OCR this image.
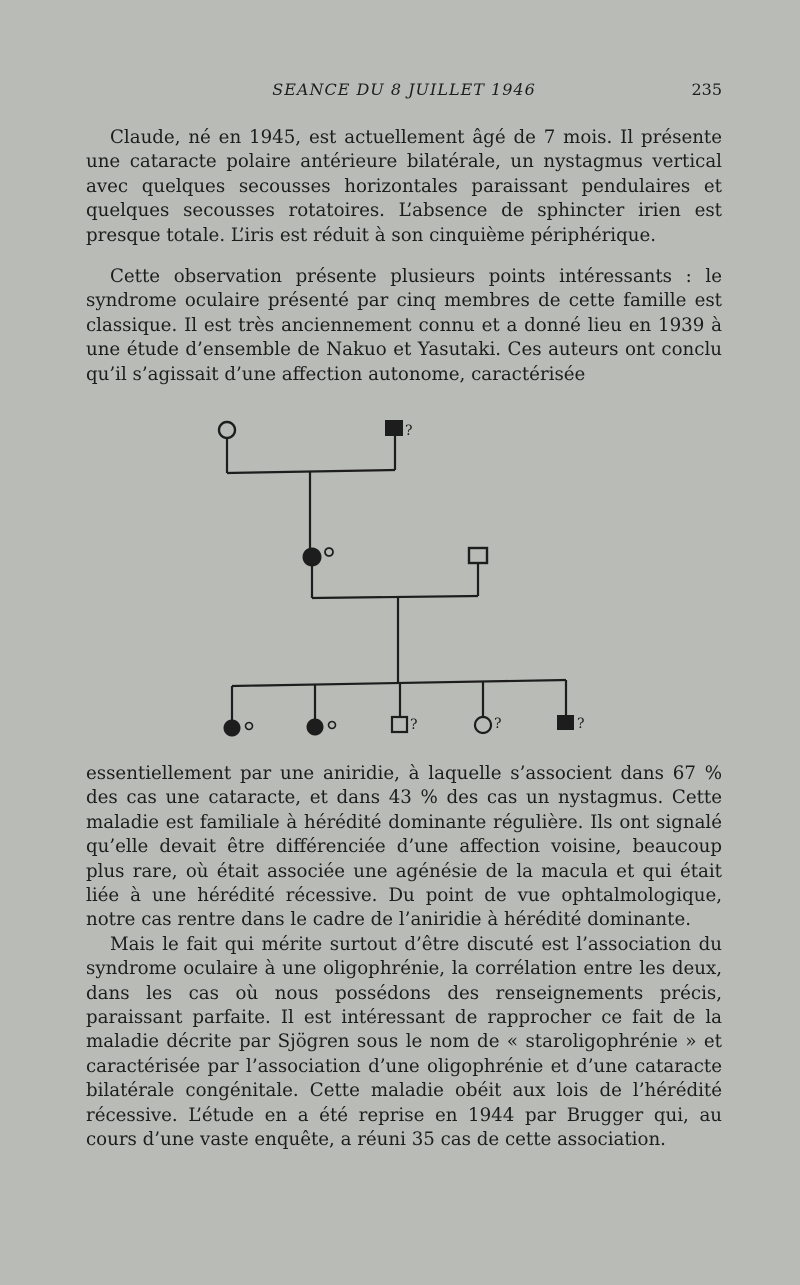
SEANCE DU 8 JUILLET 1946	235

Claude, né en 1945, est actuellement âgé de 7 mois. Il présente une cataracte polaire antérieure bilatérale, un nystagmus vertical avec quelques secousses horizontales paraissant pendulaires et quelques secousses rotatoires. L’absence de sphincter irien est presque totale. L’iris est réduit à son cinquième périphérique.

Cette observation présente plusieurs points intéressants : le syndrome oculaire présenté par cinq membres de cette famille est classique. Il est très anciennement connu et a donné lieu en 1939 à une étude d’ensemble de Nakuo et Yasutaki. Ces auteurs ont conclu qu’il s’agissait d’une affection autonome, caractérisée

?
?	?	?

essentiellement par une aniridie, à laquelle s’associent dans 67 % des cas une cataracte, et dans 43 % des cas un nystagmus. Cette maladie est familiale à hérédité dominante régulière. Ils ont signalé qu’elle devait être différenciée d’une affection voisine, beaucoup plus rare, où était associée une agénésie de la macula et qui était liée à une hérédité récessive. Du point de vue ophtalmologique, notre cas rentre dans le cadre de l’aniridie à hérédité dominante.

Mais le fait qui mérite surtout d’être discuté est l’association du syndrome oculaire à une oligophrénie, la corrélation entre les deux, dans les cas où nous possédons des renseignements précis, paraissant parfaite. Il est intéressant de rapprocher ce fait de la maladie décrite par Sjögren sous le nom de « staroligophrénie » et caractérisée par l’association d’une oligophrénie et d’une cataracte bilatérale congénitale. Cette maladie obéit aux lois de l’hérédité récessive. L’étude en a été reprise en 1944 par Brugger qui, au cours d’une vaste enquête, a réuni 35 cas de cette association.
